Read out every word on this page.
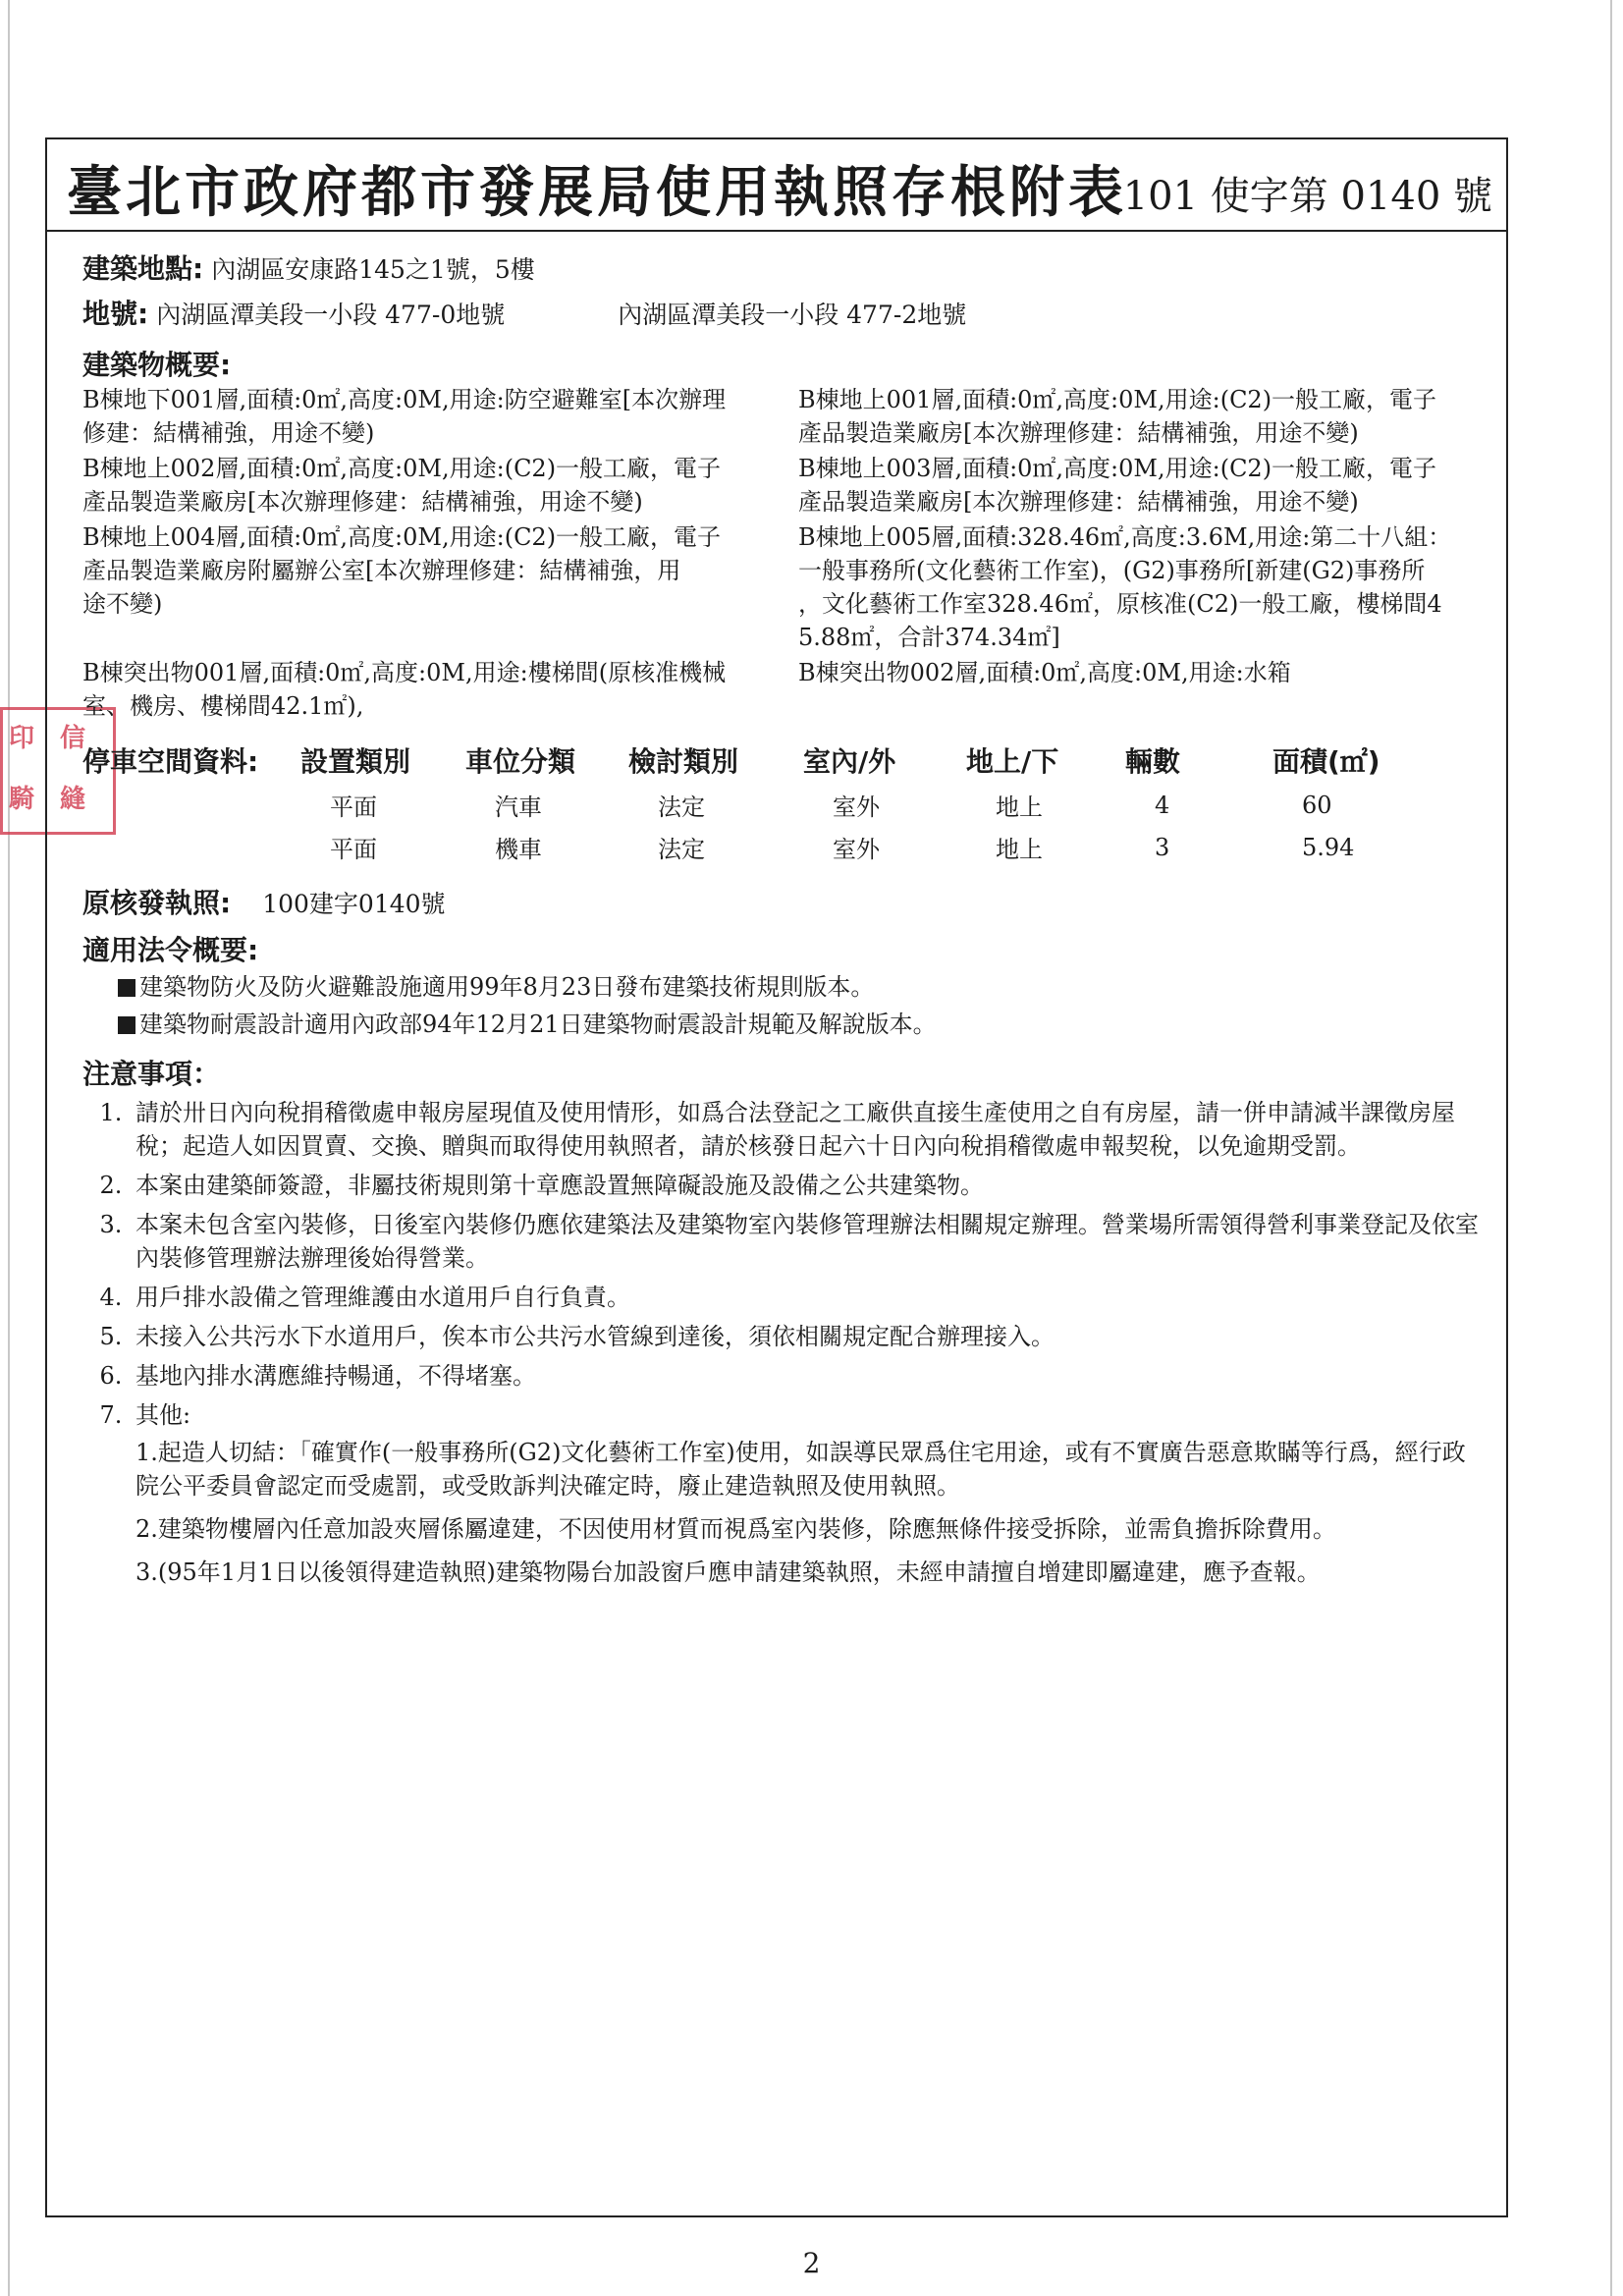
印 信
騎 縫
臺北市政府都市發展局使用執照存根附表
101 使字第 0140 號
建築地點: 內湖區安康路145之1號，5樓
地號: 內湖區潭美段一小段 477-0地號	內湖區潭美段一小段 477-2地號
建築物概要:
B棟地下001層,面積:0㎡,高度:0M,用途:防空避難室[本次辦理
修建：結構補強，用途不變)
B棟地上001層,面積:0㎡,高度:0M,用途:(C2)一般工廠，電子
產品製造業廠房[本次辦理修建：結構補強，用途不變)
B棟地上002層,面積:0㎡,高度:0M,用途:(C2)一般工廠，電子
產品製造業廠房[本次辦理修建：結構補強，用途不變)
B棟地上003層,面積:0㎡,高度:0M,用途:(C2)一般工廠，電子
產品製造業廠房[本次辦理修建：結構補強，用途不變)
B棟地上004層,面積:0㎡,高度:0M,用途:(C2)一般工廠，電子
產品製造業廠房附屬辦公室[本次辦理修建：結構補強，用
途不變)
B棟地上005層,面積:328.46㎡,高度:3.6M,用途:第二十八組：
一般事務所(文化藝術工作室)，(G2)事務所[新建(G2)事務所
，文化藝術工作室328.46㎡，原核准(C2)一般工廠，樓梯間4
5.88㎡，合計374.34㎡]
B棟突出物001層,面積:0㎡,高度:0M,用途:樓梯間(原核准機械
室、機房、樓梯間42.1㎡),
B棟突出物002層,面積:0㎡,高度:0M,用途:水箱
停車空間資料:	設置類別	車位分類	檢討類別	室內/外	地上/下	輛數	面積(㎡)
	平面	汽車	法定	室外	地上	4	60
	平面	機車	法定	室外	地上	3	5.94
原核發執照: 100建字0140號
適用法令概要:
建築物防火及防火避難設施適用99年8月23日發布建築技術規則版本。
建築物耐震設計適用內政部94年12月21日建築物耐震設計規範及解說版本。
注意事項：
1. 請於卅日內向稅捐稽徵處申報房屋現值及使用情形，如爲合法登記之工廠供直接生產使用之自有房屋，請一併申請減半課徵房屋稅；起造人如因買賣、交換、贈與而取得使用執照者，請於核發日起六十日內向稅捐稽徵處申報契稅，以免逾期受罰。
2. 本案由建築師簽證，非屬技術規則第十章應設置無障礙設施及設備之公共建築物。
3. 本案未包含室內裝修，日後室內裝修仍應依建築法及建築物室內裝修管理辦法相關規定辦理。營業場所需領得營利事業登記及依室內裝修管理辦法辦理後始得營業。
4. 用戶排水設備之管理維護由水道用戶自行負責。
5. 未接入公共污水下水道用戶，俟本市公共污水管線到達後，須依相關規定配合辦理接入。
6. 基地內排水溝應維持暢通，不得堵塞。
7. 其他:
1.起造人切結：「確實作(一般事務所(G2)文化藝術工作室)使用，如誤導民眾爲住宅用途，或有不實廣告惡意欺瞞等行爲，經行政院公平委員會認定而受處罰，或受敗訴判決確定時，廢止建造執照及使用執照。
2.建築物樓層內任意加設夾層係屬違建，不因使用材質而視爲室內裝修，除應無條件接受拆除，並需負擔拆除費用。
3.(95年1月1日以後領得建造執照)建築物陽台加設窗戶應申請建築執照，未經申請擅自增建即屬違建，應予查報。
2
